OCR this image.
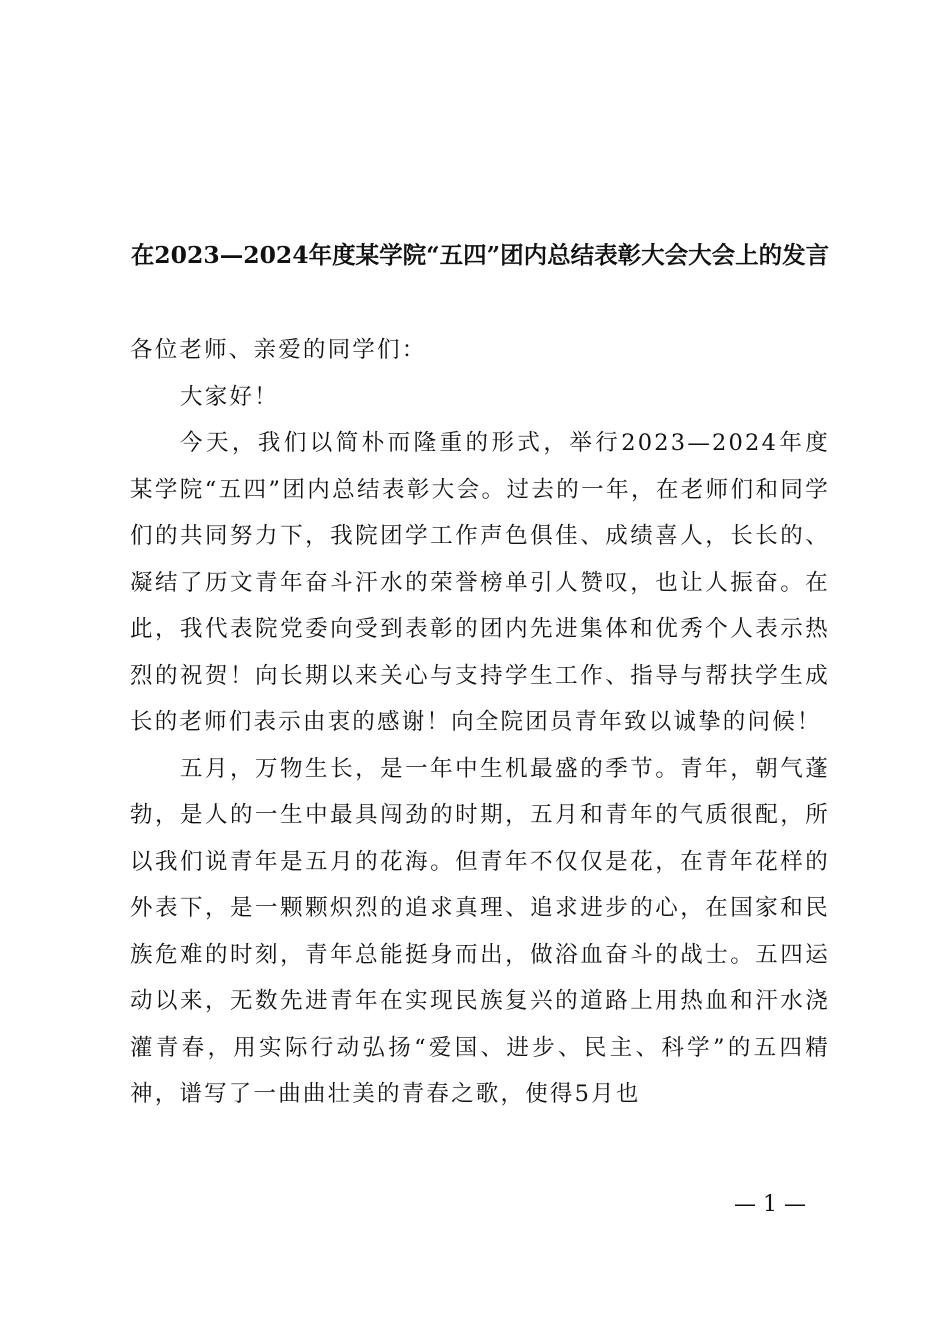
在2023—2024年度某学院“五四”团内总结表彰大会大会上的发言

各位老师、亲爱的同学们：

大家好！

今天，我们以简朴而隆重的形式，举行2023—2024年度某学院“五四”团内总结表彰大会。过去的一年，在老师们和同学们的共同努力下，我院团学工作声色俱佳、成绩喜人，长长的、凝结了历文青年奋斗汗水的荣誉榜单引人赞叹，也让人振奋。在此，我代表院党委向受到表彰的团内先进集体和优秀个人表示热烈的祝贺！向长期以来关心与支持学生工作、指导与帮扶学生成长的老师们表示由衷的感谢！向全院团员青年致以诚挚的问候！

五月，万物生长，是一年中生机最盛的季节。青年，朝气蓬勃，是人的一生中最具闯劲的时期，五月和青年的气质很配，所以我们说青年是五月的花海。但青年不仅仅是花，在青年花样的外表下，是一颗颗炽烈的追求真理、追求进步的心，在国家和民族危难的时刻，青年总能挺身而出，做浴血奋斗的战士。五四运动以来，无数先进青年在实现民族复兴的道路上用热血和汗水浇灌青春，用实际行动弘扬“爱国、进步、民主、科学”的五四精神，谱写了一曲曲壮美的青春之歌，使得5月也

— 1 —
